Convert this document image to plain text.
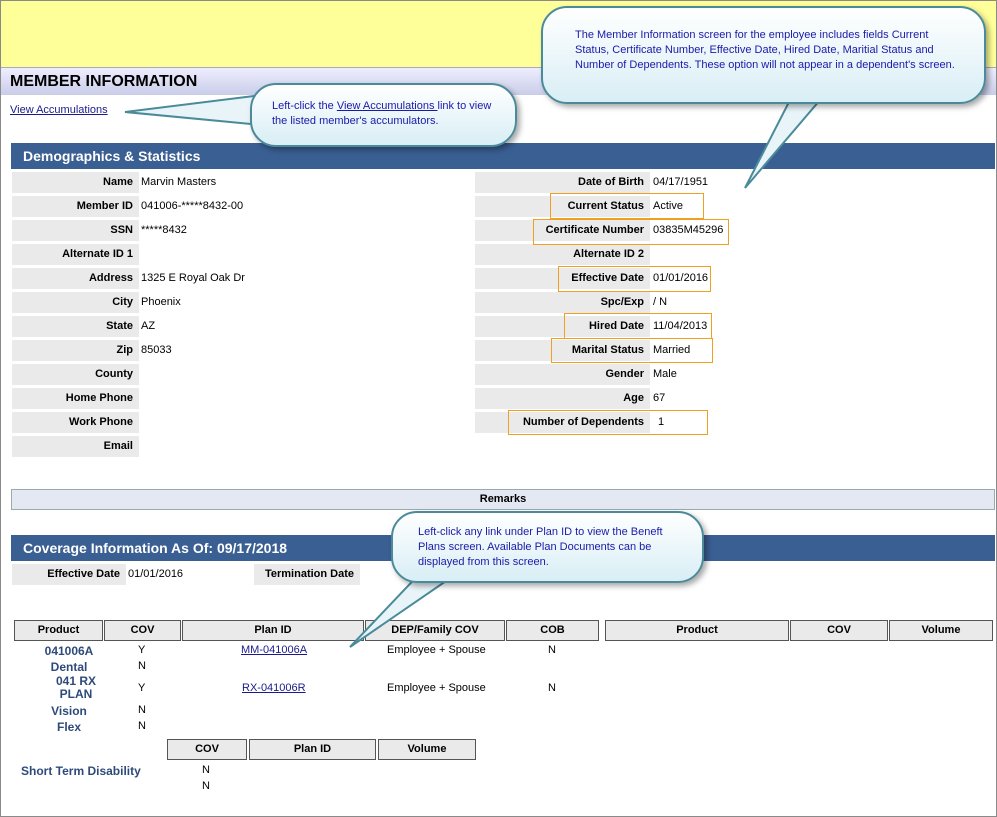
MEMBER INFORMATION
View Accumulations
Demographics & Statistics
Name Marvin Masters
Member ID 041006-*****8432-00
SSN *****8432
Alternate ID 1
Address 1325 E Royal Oak Dr
City Phoenix
State AZ
Zip 85033
County
Home Phone
Work Phone
Email
Date of Birth 04/17/1951
Current Status Active
Certificate Number 03835M45296
Alternate ID 2
Effective Date 01/01/2016
Spc/Exp / N
Hired Date 11/04/2013
Marital Status Married
Gender Male
Age 67
Number of Dependents	1
Remarks
Coverage Information As Of: 09/17/2018
Effective Date 01/01/2016	Termination Date
Product	COV	Plan ID	DEP/Family COV	COB	Product	COV	Volume
041006A	Y	MM-041006A	Employee + Spouse	N
Dental	N
041 RX PLAN	Y	RX-041006R	Employee + Spouse	N
Vision	N
Flex	N
COV	Plan ID	Volume
Short Term Disability	N
N
Left-click the View Accumulations link to view the listed member's accumulators.
The Member Information screen for the employee includes fields Current Status, Certificate Number, Effective Date, Hired Date, Maritial Status and Number of Dependents. These option will not appear in a dependent's screen.
Left-click any link under Plan ID to view the Beneft Plans screen. Available Plan Documents can be displayed from this screen.
